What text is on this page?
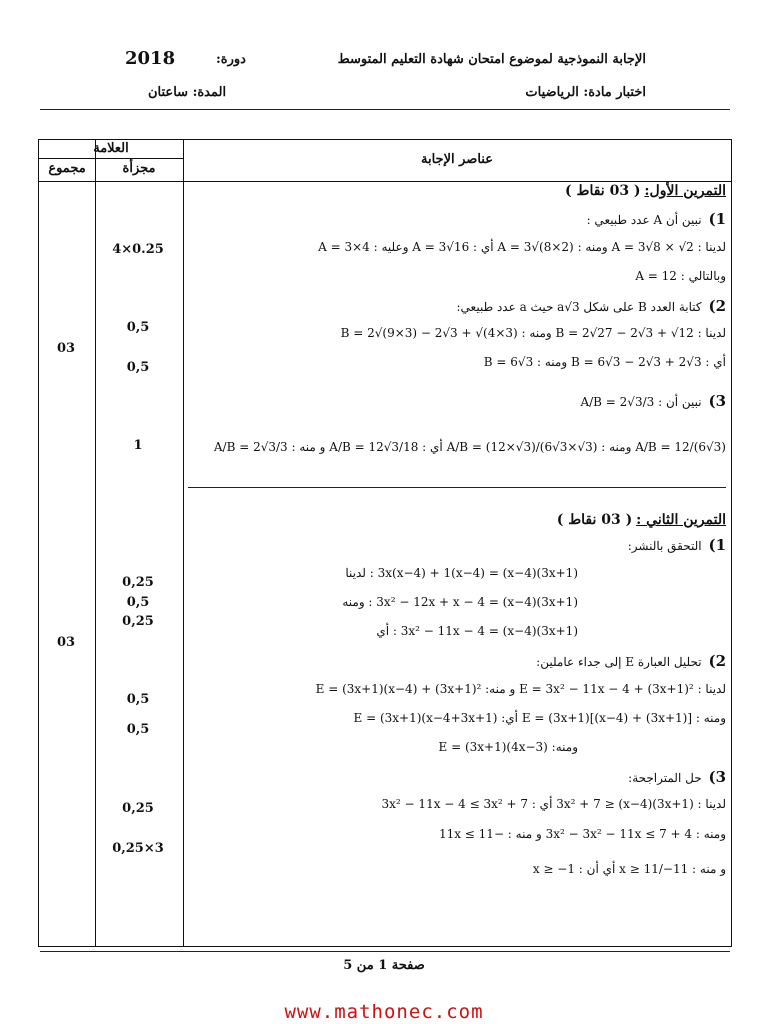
الإجابة النموذجية لموضوع امتحان شهادة التعليم المتوسط
دورة:
2018
اختبار مادة: الرياضيات
المدة: ساعتان
عناصر الإجابة
العلامة
مجزأة
مجموع
03
03
4×0.25
0,5
0,5
1
0,25
0,5
0,25
0,5
0,5
0,25
0,25×3
التمرين الأول: ( 03 نقاط )
1) نبين أن A عدد طبيعي :
لدينا : A = 3√8 × √2 ومنه : A = 3√(8×2) أي : A = 3√16 وعليه : A = 3×4
وبالتالي : A = 12
2) كتابة العدد B على شكل a√3 حيث a عدد طبيعي:
لدينا : B = 2√27 − 2√3 + √12 ومنه : B = 2√(9×3) − 2√3 + √(4×3)
أي : B = 6√3 − 2√3 + 2√3 ومنه : B = 6√3
3) نبين أن : A/B = 2√3/3
A/B = 12/(6√3) ومنه : A/B = (12×√3)/(6√3×√3) أي : A/B = 12√3/18 و منه : A/B = 2√3/3
التمرين الثاني : ( 03 نقاط )
1) التحقق بالنشر:
(3x+1)(x−4) = 3x(x−4) + 1(x−4) : لدينا
(3x+1)(x−4) = 3x² − 12x + x − 4 : ومنه
(3x+1)(x−4) = 3x² − 11x − 4 : أي
2) تحليل العبارة E إلى جداء عاملين:
لدينا : E = 3x² − 11x − 4 + (3x+1)² و منه: E = (3x+1)(x−4) + (3x+1)²
ومنه : E = (3x+1)[(x−4) + (3x+1)] أي: E = (3x+1)(x−4+3x+1)
ومنه: E = (3x+1)(4x−3)
3) حل المتراجحة:
لدينا : (3x+1)(x−4) ≤ 3x² + 7 أي : 3x² − 11x − 4 ≤ 3x² + 7
ومنه : 3x² − 3x² − 11x ≤ 7 + 4 و منه : −11x ≤ 11
و منه : x ≥ 11/−11 أي أن : x ≥ −1
صفحة 1 من 5
www.mathonec.com
